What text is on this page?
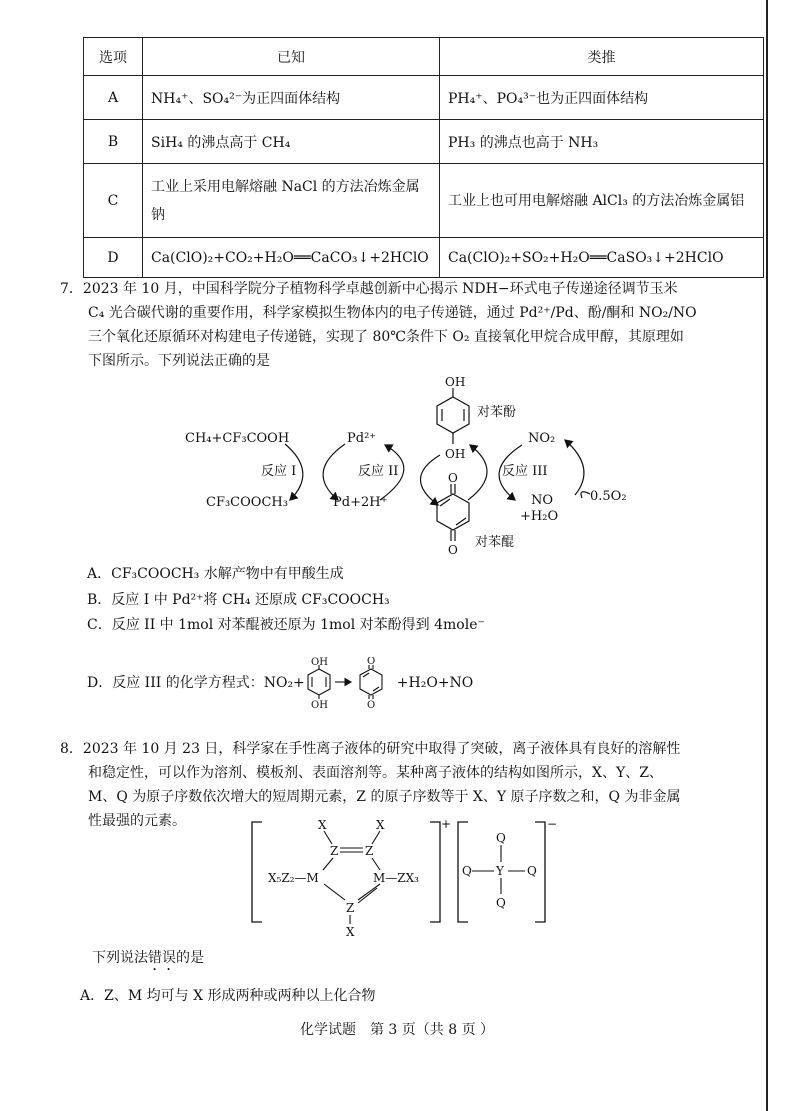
选项	已知	类推
A	NH₄⁺、SO₄²⁻为正四面体结构	PH₄⁺、PO₄³⁻也为正四面体结构
B	SiH₄ 的沸点高于 CH₄	PH₃ 的沸点也高于 NH₃
C	工业上采用电解熔融 NaCl 的方法冶炼金属钠	工业上也可用电解熔融 AlCl₃ 的方法冶炼金属铝
D	Ca(ClO)₂+CO₂+H₂O══CaCO₃↓+2HClO	Ca(ClO)₂+SO₂+H₂O══CaSO₃↓+2HClO

7．2023 年 10 月，中国科学院分子植物科学卓越创新中心揭示 NDH−环式电子传递途径调节玉米

C₄ 光合碳代谢的重要作用，科学家模拟生物体内的电子传递链，通过 Pd²⁺/Pd、酚/酮和 NO₂/NO

三个氧化还原循环对构建电子传递链，实现了 80℃条件下 O₂ 直接氧化甲烷合成甲醇，其原理如

下图所示。下列说法正确的是

CH₄+CF₃COOH
CF₃COOCH₃
反应 I
Pd²⁺
Pd+2H⁺
反应 II
OH
OH
对苯酚
O
O 对苯醌
反应 III
NO₂
NO
+H₂O
0.5O₂
A．CF₃COOCH₃ 水解产物中有甲酸生成
B．反应 I 中 Pd²⁺将 CH₄ 还原成 CF₃COOCH₃
C．反应 II 中 1mol 对苯醌被还原为 1mol 对苯酚得到 4mole⁻
D．反应 III 的化学方程式：NO₂+
OH
OH
O
O
+H₂O+NO

8．2023 年 10 月 23 日，科学家在手性离子液体的研究中取得了突破，离子液体具有良好的溶解性

和稳定性，可以作为溶剂、模板剂、表面溶剂等。某种离子液体的结构如图所示，X、Y、Z、

M、Q 为原子序数依次增大的短周期元素，Z 的原子序数等于 X、Y 原子序数之和，Q 为非金属

性最强的元素。	+
X	X
Z Z
X₅Z₂—M	M—ZX₃
Z
X
−
Q
Q Y Q
Q
下列说法错误的是
A．Z、M 均可与 X 形成两种或两种以上化合物
化学试题　第 3 页（共 8 页 ）
